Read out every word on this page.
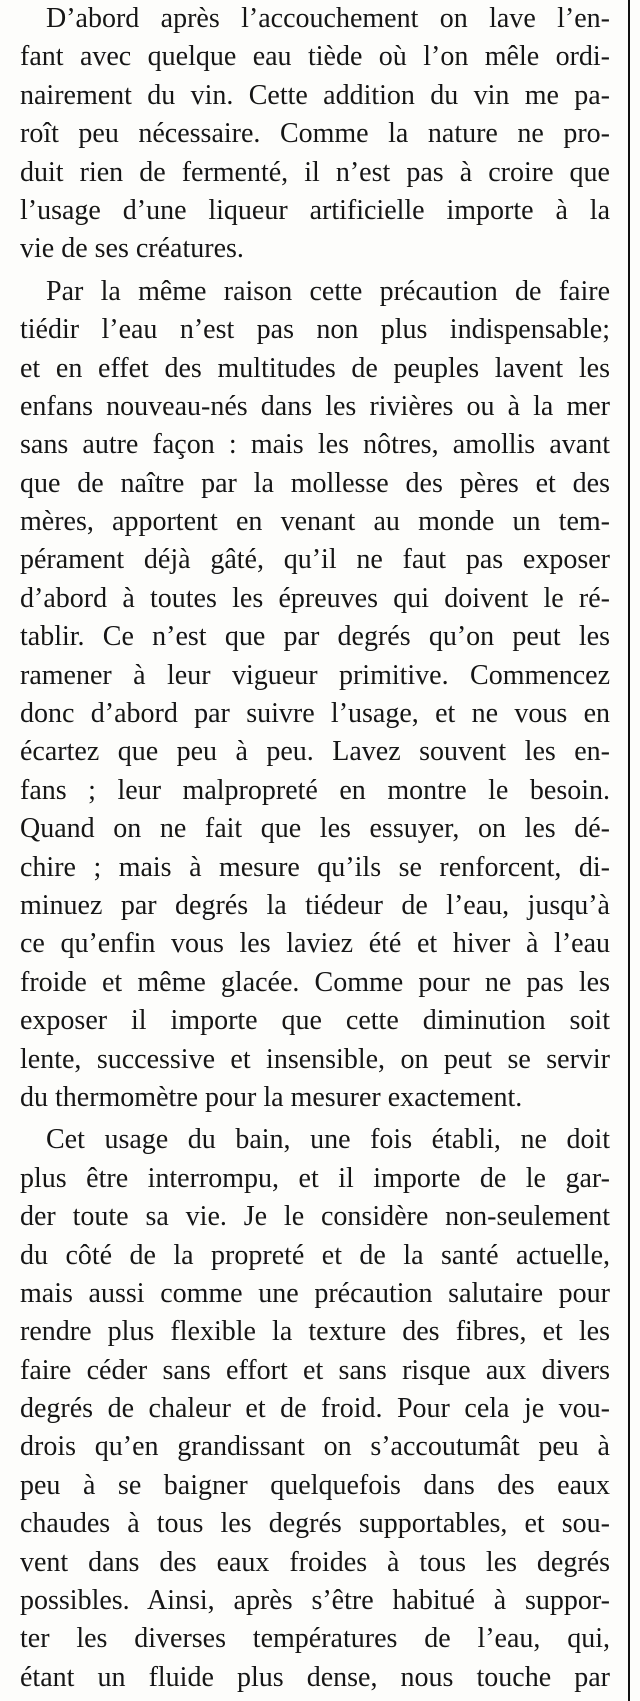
D’abord après l’accouchement on lave l’en-
fant avec quelque eau tiède où l’on mêle ordi-
nairement du vin. Cette addition du vin me pa-
roît peu nécessaire. Comme la nature ne pro-
duit rien de fermenté, il n’est pas à croire que
l’usage d’une liqueur artificielle importe à la
vie de ses créatures.
Par la même raison cette précaution de faire
tiédir l’eau n’est pas non plus indispensable;
et en effet des multitudes de peuples lavent les
enfans nouveau-nés dans les rivières ou à la mer
sans autre façon : mais les nôtres, amollis avant
que de naître par la mollesse des pères et des
mères, apportent en venant au monde un tem-
pérament déjà gâté, qu’il ne faut pas exposer
d’abord à toutes les épreuves qui doivent le ré-
tablir. Ce n’est que par degrés qu’on peut les
ramener à leur vigueur primitive. Commencez
donc d’abord par suivre l’usage, et ne vous en
écartez que peu à peu. Lavez souvent les en-
fans ; leur malpropreté en montre le besoin.
Quand on ne fait que les essuyer, on les dé-
chire ; mais à mesure qu’ils se renforcent, di-
minuez par degrés la tiédeur de l’eau, jusqu’à
ce qu’enfin vous les laviez été et hiver à l’eau
froide et même glacée. Comme pour ne pas les
exposer il importe que cette diminution soit
lente, successive et insensible, on peut se servir
du thermomètre pour la mesurer exactement.
Cet usage du bain, une fois établi, ne doit
plus être interrompu, et il importe de le gar-
der toute sa vie. Je le considère non-seulement
du côté de la propreté et de la santé actuelle,
mais aussi comme une précaution salutaire pour
rendre plus flexible la texture des fibres, et les
faire céder sans effort et sans risque aux divers
degrés de chaleur et de froid. Pour cela je vou-
drois qu’en grandissant on s’accoutumât peu à
peu à se baigner quelquefois dans des eaux
chaudes à tous les degrés supportables, et sou-
vent dans des eaux froides à tous les degrés
possibles. Ainsi, après s’être habitué à suppor-
ter les diverses températures de l’eau, qui,
étant un fluide plus dense, nous touche par
